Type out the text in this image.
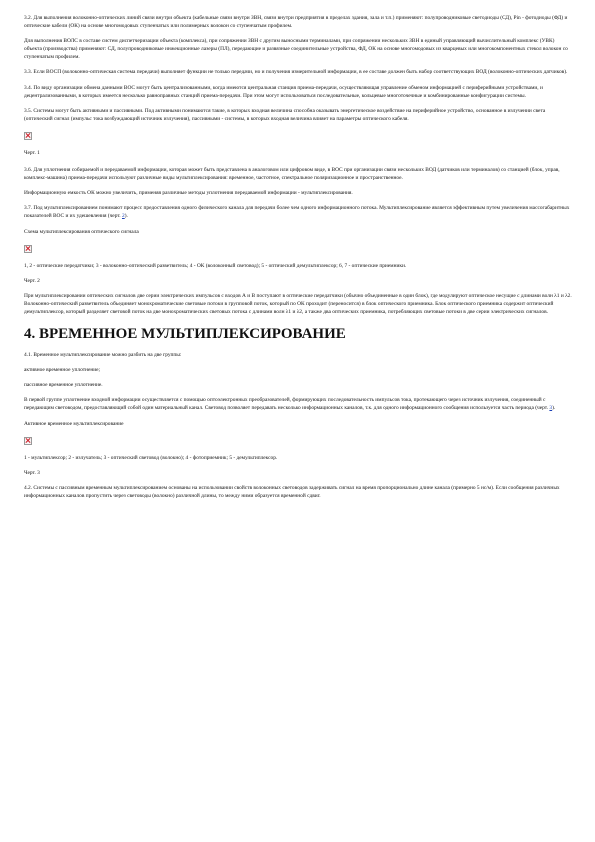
3.2. Для выполнения волоконно-оптических линий связи внутри объекта (кабельные связи внутри ЗВН, связи внутри предприятия в пределах здания, зала и т.п.) применяют: полупроводниковые светодиоды (СД), Pin - фотодиоды (ФД) и оптические кабели (ОК) на основе многомодовых ступенчатых или полимерных волокон со ступенчатым профилем.

Для выполнения ВОЛС в составе систем диспетчеризации объекта (комплекса), при сопряжении ЗВН с другим выносными терминалами, при сопряжении нескольких ЗВН в единый управляющий вычислительный комплекс (УВК) объекта (производства) применяют: СД, полупроводниковые инжекционные лазеры (ПЛ), передающие и развязные соединительные устройства, ФД, ОК на основе многомодовых из кварцевых или многокомпонентных стекол волокон со ступенчатым профилем.

3.3. Если ВОСП (волоконно-оптическая система передачи) выполняет функции не только передачи, но и получения измерительной информации, в ее составе должен быть набор соответствующих ВОД (волоконно-оптических датчиков).

3.4. По виду организации обмена данными ВОС могут быть централизованными, когда имеются центральная станция приема-передачи, осуществляющая управление обменом информацией с периферийными устройствами, и децентрализованными, в которых имеется несколько равноправных станций приема-передачи. При этом могут использоваться последовательные, кольцевые многоточечные и комбинированные конфигурации системы.

3.5. Системы могут быть активными и пассивными. Под активными понимаются такие, в которых входная величина способна оказывать энергетическое воздействие на периферийное устройство, основанное в излучении света (оптический сигнал (импульс тока возбуждающий источник излучения), пассивными - системы, в которых входная величина влияет на параметры оптического кабеля.

Черт. 1

3.6. Для уплотнения собираемой и передаваемой информации, которая может быть представлена в аналоговом или цифровом виде, в ВОС при организации связи нескольких ВОД (датчиков или терминалов) со станцией (блок, управ, комплекс-машина) приема-передачи используют различные виды мультиплексирования: временное, частотное, спектральное поляризационное и пространственное.

Информационную емкость ОК можно увеличить, применяя различные методы уплотнения передаваемой информации - мультиплексирования.

3.7. Под мультиплексированием понимают процесс предоставления одного физического канала для передачи более чем одного информационного потока. Мультиплексирование является эффективным путем увеличения массогабаритных показателей ВОС и их удешевления (черт. 2).

Схема мультиплексирования оптического сигнала

1, 2 - оптические передатчики; 3 - волоконно-оптический разветвитель; 4 - ОК (волоконный световод); 5 - оптический демультиплексор; 6, 7 - оптические приемники.

Черт. 2

При мультиплексировании оптических сигналов две серии электрических импульсов с входов А и В поступают в оптические передатчики (обычно объединенные в один блок), где модулируют оптическое несущие с длинами волн λ1 и λ2. Волоконно-оптический разветвитель объединяет монохроматические световые потоки в групповой поток, который по ОК проходит (переносится) в блок оптического приемника. Блок оптического приемника содержит оптический демультиплексор, который разделяет световой поток на две монохроматических световых потока с длинами волн λ1 и λ2, а также два оптических приемника, потребляющих световые потоки в две серии электрических сигналов.

4. ВРЕМЕННОЕ МУЛЬТИПЛЕКСИРОВАНИЕ

4.1. Временное мультиплексирование можно разбить на две группы:

активное временное уплотнение;

пассивное временное уплотнение.

В первой группе уплотнение входной информации осуществляется с помощью оптоэлектронных преобразователей, формирующих последовательность импульсов тока, протекающего через источник излучения, соединенный с передающим световодом, предоставляющий собой один материальный канал. Световод позволяет передавать несколько информационных каналов, т.к. для одного информационного сообщения используется часть периода (черт. 3).

Активное временное мультиплексирование

1 - мультиплексор; 2 - излучатель; 3 - оптический световод (волокно); 4 - фотоприемник; 5 - демультиплексор.

Черт. 3

4.2. Системы с пассивным временным мультиплексированием основаны на использовании свойств волоконных световодов задерживать сигнал на время пропорционально длине канала (примерно 5 нс/м). Если сообщения различных информационных каналов пропустить через световоды (волокно) различной длины, то между ними образуется временной сдвиг.
